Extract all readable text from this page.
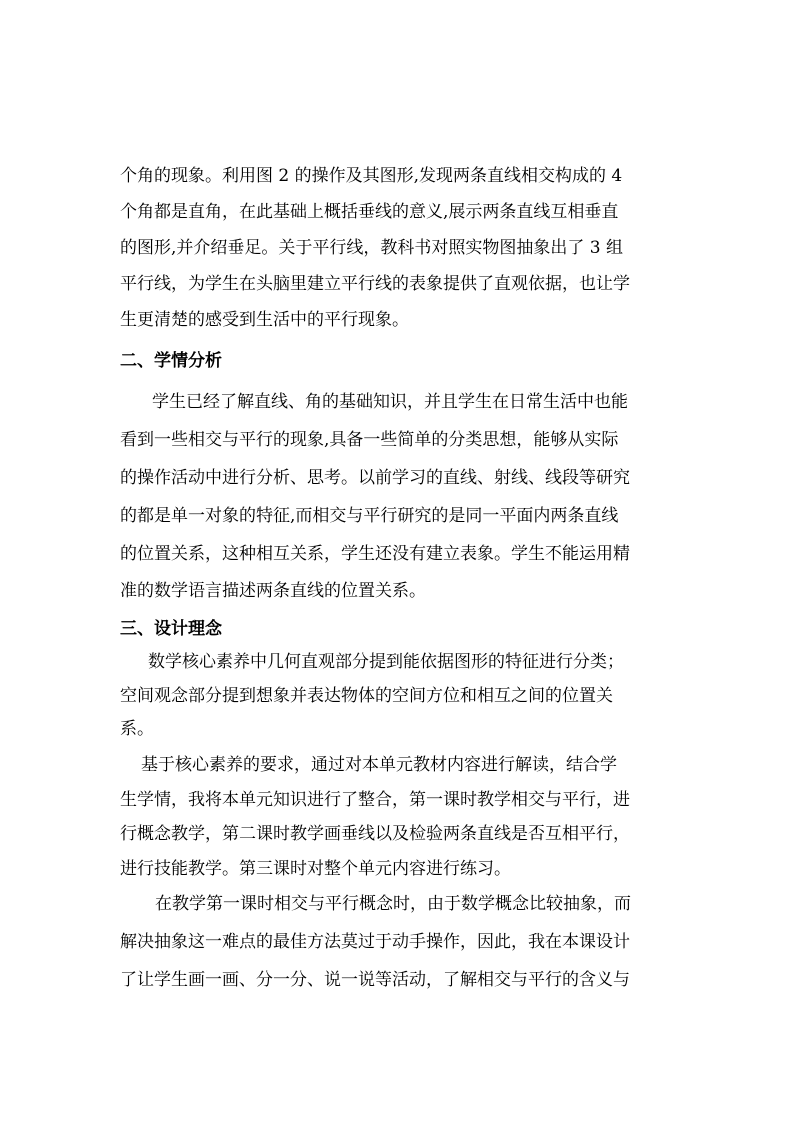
个角的现象。利用图 2 的操作及其图形,发现两条直线相交构成的 4
个角都是直角，在此基础上概括垂线的意义,展示两条直线互相垂直
的图形,并介绍垂足。关于平行线，教科书对照实物图抽象出了 3 组
平行线，为学生在头脑里建立平行线的表象提供了直观依据，也让学
生更清楚的感受到生活中的平行现象。
二、学情分析
学生已经了解直线、角的基础知识，并且学生在日常生活中也能
看到一些相交与平行的现象,具备一些简单的分类思想，能够从实际
的操作活动中进行分析、思考。以前学习的直线、射线、线段等研究
的都是单一对象的特征,而相交与平行研究的是同一平面内两条直线
的位置关系，这种相互关系，学生还没有建立表象。学生不能运用精
准的数学语言描述两条直线的位置关系。
三、设计理念
数学核心素养中几何直观部分提到能依据图形的特征进行分类；
空间观念部分提到想象并表达物体的空间方位和相互之间的位置关
系。
基于核心素养的要求，通过对本单元教材内容进行解读，结合学
生学情，我将本单元知识进行了整合，第一课时教学相交与平行，进
行概念教学，第二课时教学画垂线以及检验两条直线是否互相平行，
进行技能教学。第三课时对整个单元内容进行练习。
在教学第一课时相交与平行概念时，由于数学概念比较抽象，而
解决抽象这一难点的最佳方法莫过于动手操作，因此，我在本课设计
了让学生画一画、分一分、说一说等活动，了解相交与平行的含义与
